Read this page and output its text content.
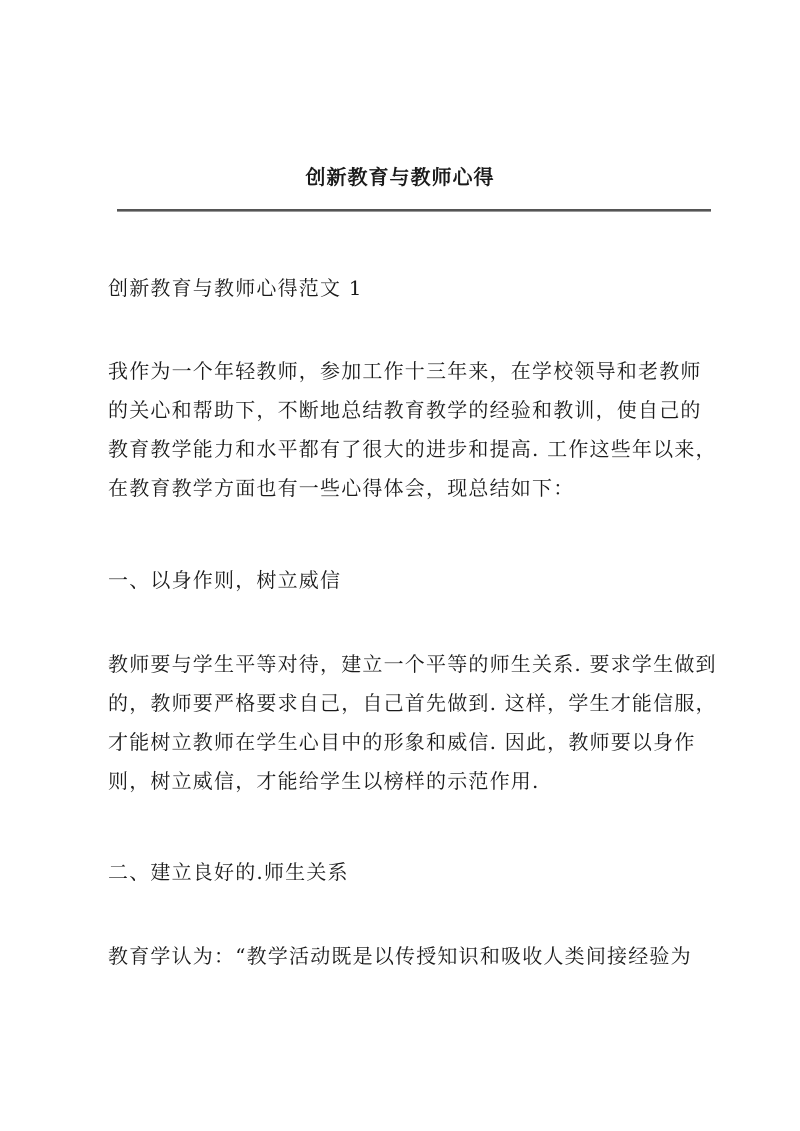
创新教育与教师心得

创新教育与教师心得范文 1

我作为一个年轻教师，参加工作十三年来，在学校领导和老教师的关心和帮助下，不断地总结教育教学的经验和教训，使自己的教育教学能力和水平都有了很大的进步和提高. 工作这些年以来，在教育教学方面也有一些心得体会，现总结如下：

一、以身作则，树立威信

教师要与学生平等对待，建立一个平等的师生关系. 要求学生做到的，教师要严格要求自己，自己首先做到. 这样，学生才能信服，才能树立教师在学生心目中的形象和威信. 因此，教师要以身作则，树立威信，才能给学生以榜样的示范作用.

二、建立良好的.师生关系

教育学认为：“教学活动既是以传授知识和吸收人类间接经验为
